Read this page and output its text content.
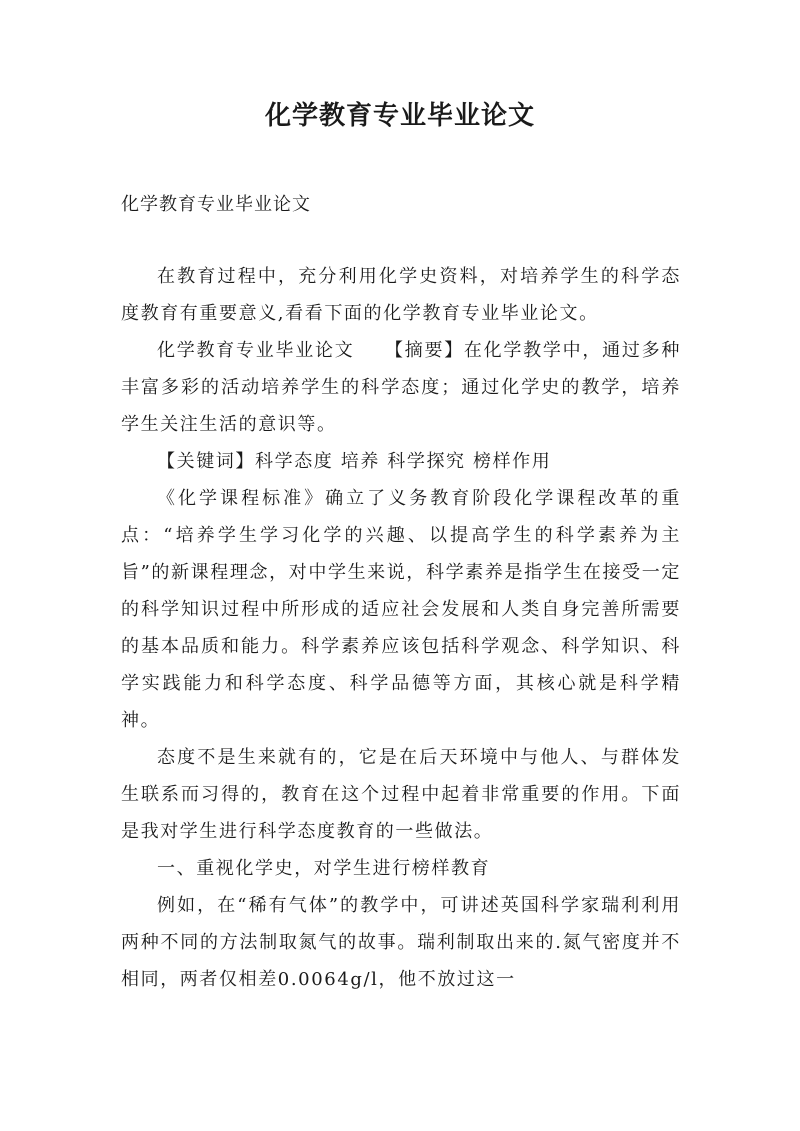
化学教育专业毕业论文

化学教育专业毕业论文

在教育过程中，充分利用化学史资料，对培养学生的科学态度教育有重要意义,看看下面的化学教育专业毕业论文。

化学教育专业毕业论文　　【摘要】在化学教学中，通过多种丰富多彩的活动培养学生的科学态度；通过化学史的教学，培养学生关注生活的意识等。

【关键词】科学态度 培养 科学探究 榜样作用

《化学课程标准》确立了义务教育阶段化学课程改革的重点：“培养学生学习化学的兴趣、以提高学生的科学素养为主旨”的新课程理念，对中学生来说，科学素养是指学生在接受一定的科学知识过程中所形成的适应社会发展和人类自身完善所需要的基本品质和能力。科学素养应该包括科学观念、科学知识、科学实践能力和科学态度、科学品德等方面，其核心就是科学精神。

态度不是生来就有的，它是在后天环境中与他人、与群体发生联系而习得的，教育在这个过程中起着非常重要的作用。下面是我对学生进行科学态度教育的一些做法。

一、重视化学史，对学生进行榜样教育

例如，在“稀有气体”的教学中，可讲述英国科学家瑞利利用两种不同的方法制取氮气的故事。瑞利制取出来的.氮气密度并不相同，两者仅相差0.0064g/l，他不放过这一
